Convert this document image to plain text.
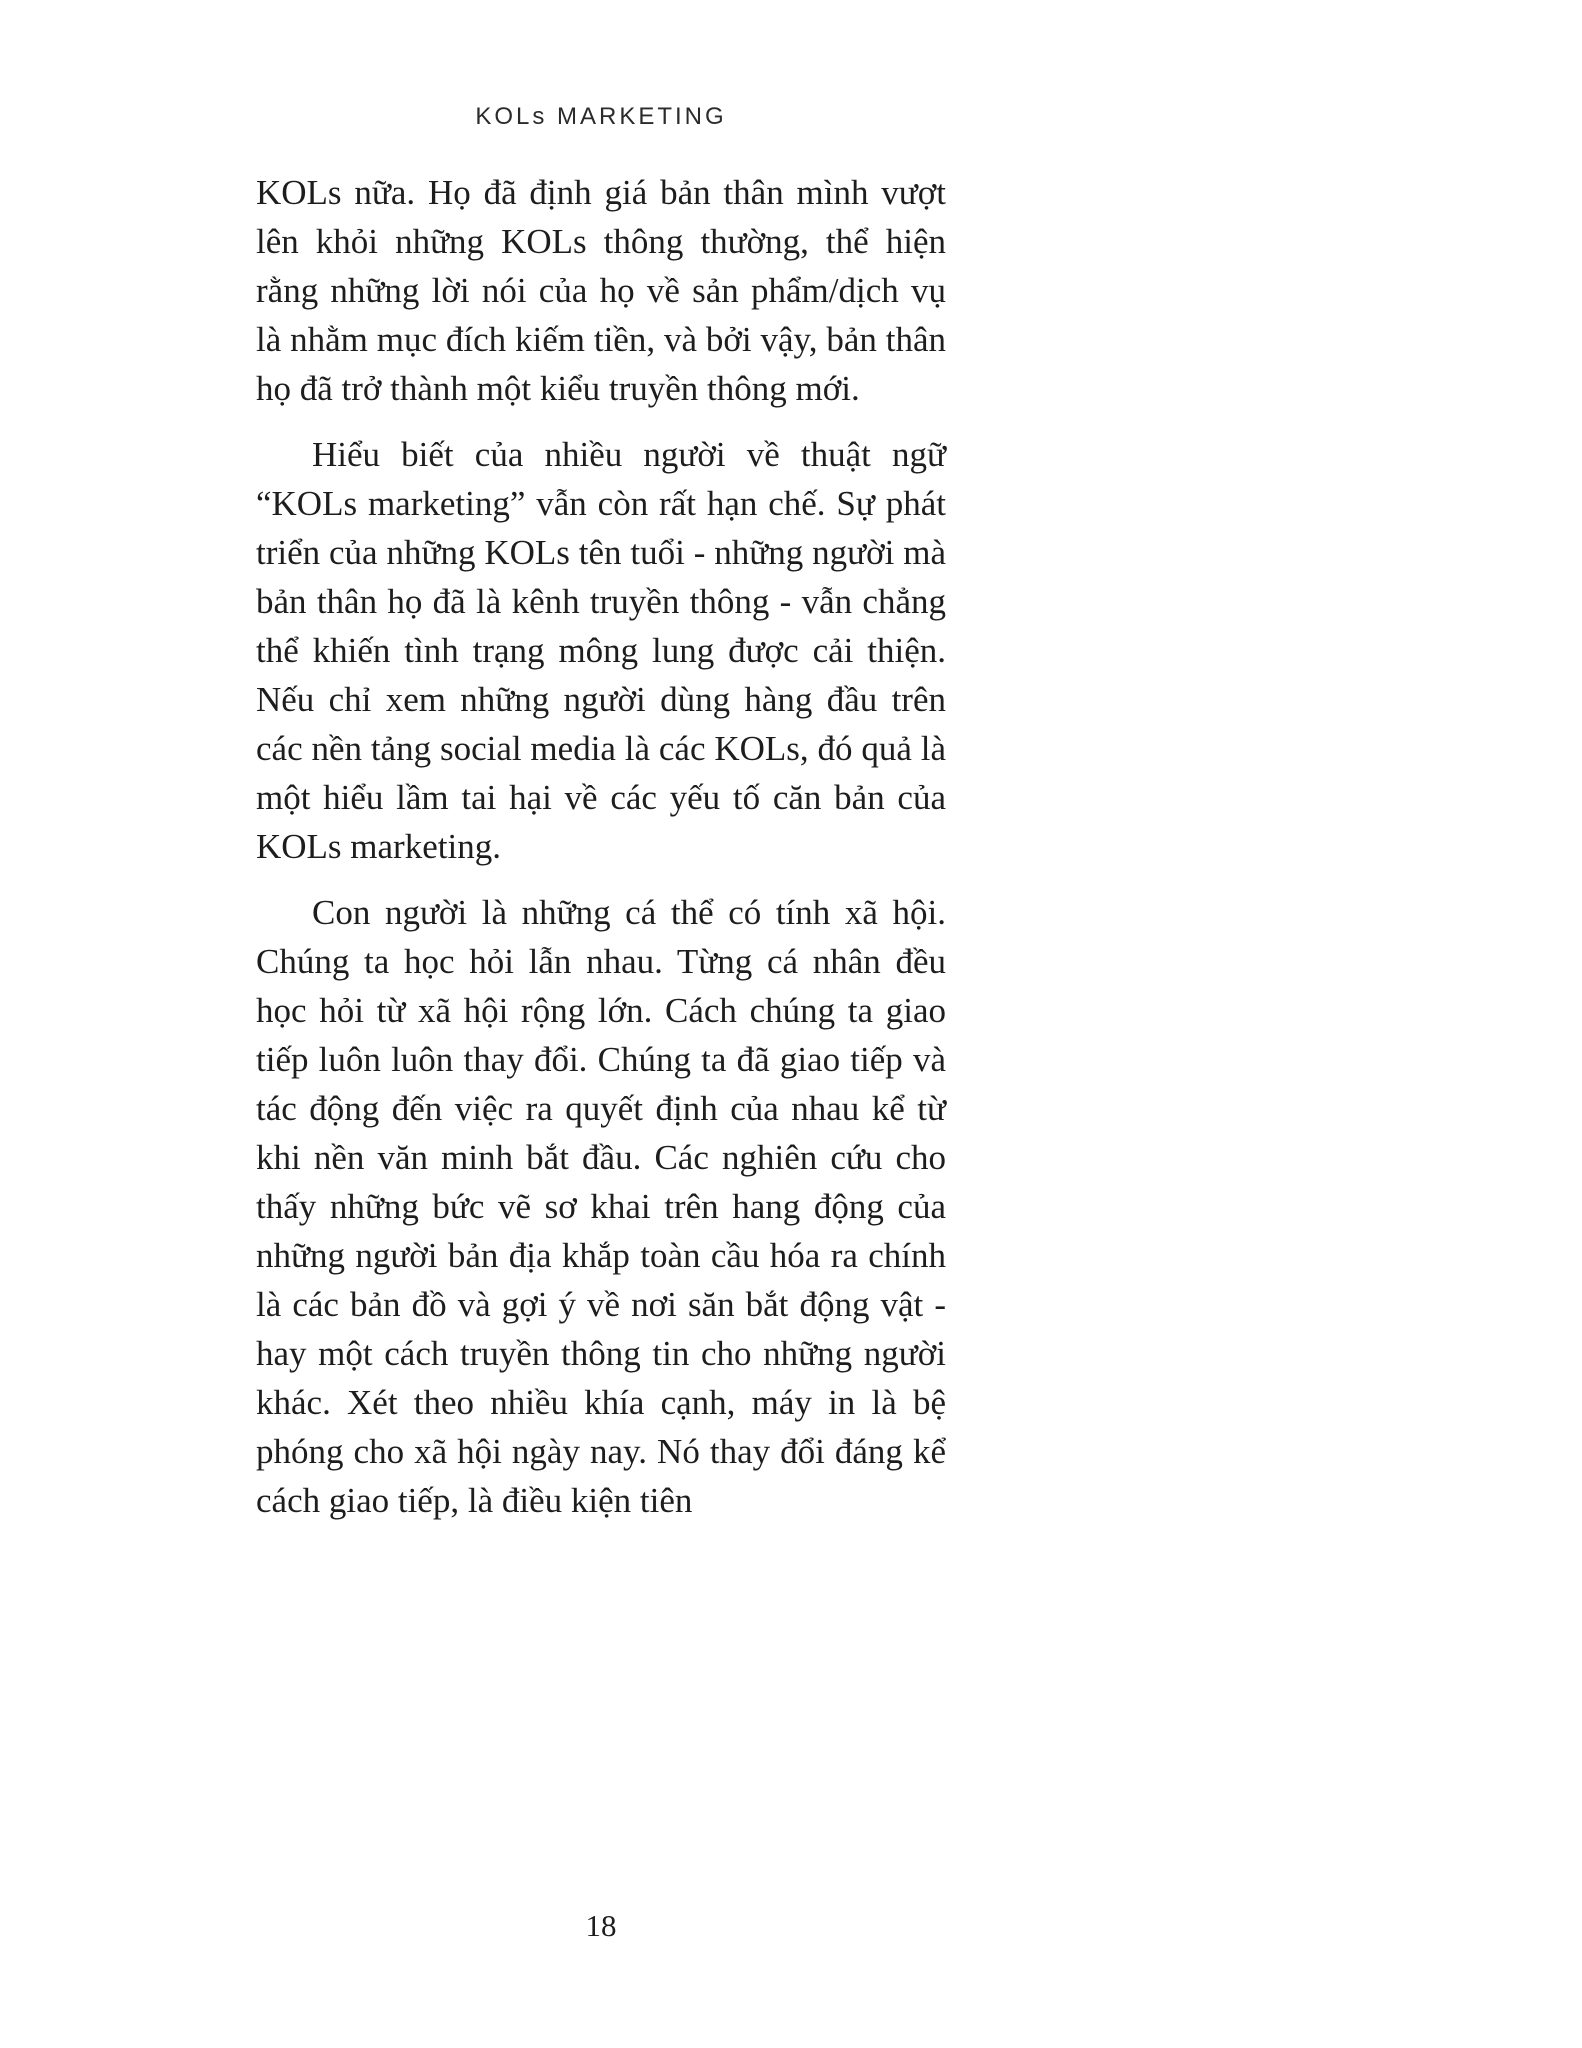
KOLs MARKETING

KOLs nữa. Họ đã định giá bản thân mình vượt lên khỏi những KOLs thông thường, thể hiện rằng những lời nói của họ về sản phẩm/dịch vụ là nhằm mục đích kiếm tiền, và bởi vậy, bản thân họ đã trở thành một kiểu truyền thông mới.

Hiểu biết của nhiều người về thuật ngữ “KOLs marketing” vẫn còn rất hạn chế. Sự phát triển của những KOLs tên tuổi - những người mà bản thân họ đã là kênh truyền thông - vẫn chẳng thể khiến tình trạng mông lung được cải thiện. Nếu chỉ xem những người dùng hàng đầu trên các nền tảng social media là các KOLs, đó quả là một hiểu lầm tai hại về các yếu tố căn bản của KOLs marketing.

Con người là những cá thể có tính xã hội. Chúng ta học hỏi lẫn nhau. Từng cá nhân đều học hỏi từ xã hội rộng lớn. Cách chúng ta giao tiếp luôn luôn thay đổi. Chúng ta đã giao tiếp và tác động đến việc ra quyết định của nhau kể từ khi nền văn minh bắt đầu. Các nghiên cứu cho thấy những bức vẽ sơ khai trên hang động của những người bản địa khắp toàn cầu hóa ra chính là các bản đồ và gợi ý về nơi săn bắt động vật - hay một cách truyền thông tin cho những người khác. Xét theo nhiều khía cạnh, máy in là bệ phóng cho xã hội ngày nay. Nó thay đổi đáng kể cách giao tiếp, là điều kiện tiên

18
